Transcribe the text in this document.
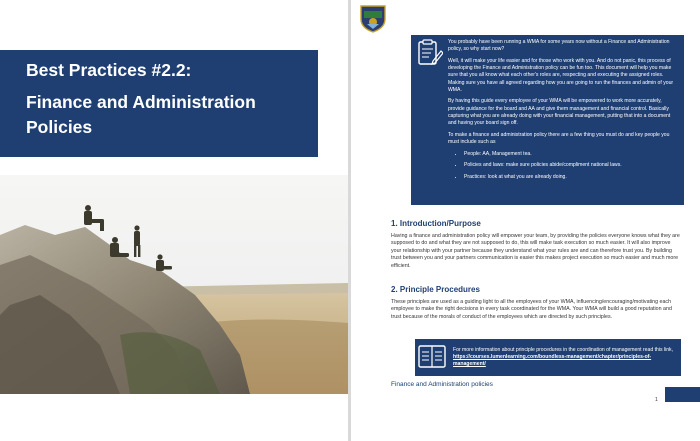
Best Practices #2.2:
Finance and Administration Policies

You probably have been running a WMA for some years now without a Finance and Administration policy, so why start now?

Well, it will make your life easier and for those who work with you. And do not panic, this process of developing the Finance and Administration policy can be fun too. This document will help you make sure that you all know what each other's roles are, respecting and executing the assigned roles. Making sure you have all agreed regarding how you are going to run the finances and admin of your WMA.

By having this guide every employee of your WMA will be empowered to work more accurately, provide guidance for the board and AA and give them management and financial control. Basically capturing what you are already doing with your financial management, putting that into a document and having your board sign off.

To make a finance and administration policy there are a few thing you must do and key people you must include such as

• People: AA, Management tea.
• Policies and laws: make sure policies abide/compliment national laws.
• Practices: look at what you are already doing.
1. Introduction/Purpose

Having a finance and administration policy will empower your team, by providing the policies everyone knows what they are supposed to do and what they are not supposed to do, this will make task execution so much easier. It will also improve your relationship with your partner because they understand what your rules are and can therefore trust you. By building trust between you and your partners communication is easier this makes project execution so much easier and much more efficient.

2. Principle Procedures

These principles are used as a guiding light to all the employees of your WMA, influencing/encouraging/motivating each employee to make the right decisions in every task coordinated for the WMA. Your WMA will build a good reputation and trust because of the morals of conduct of the employees which are directed by such principles.

For more information about principle procedures in the coordination of management read this link, https://courses.lumenlearning.com/boundless-management/chapter/principles-of-management/
Finance and Administration policies
1
